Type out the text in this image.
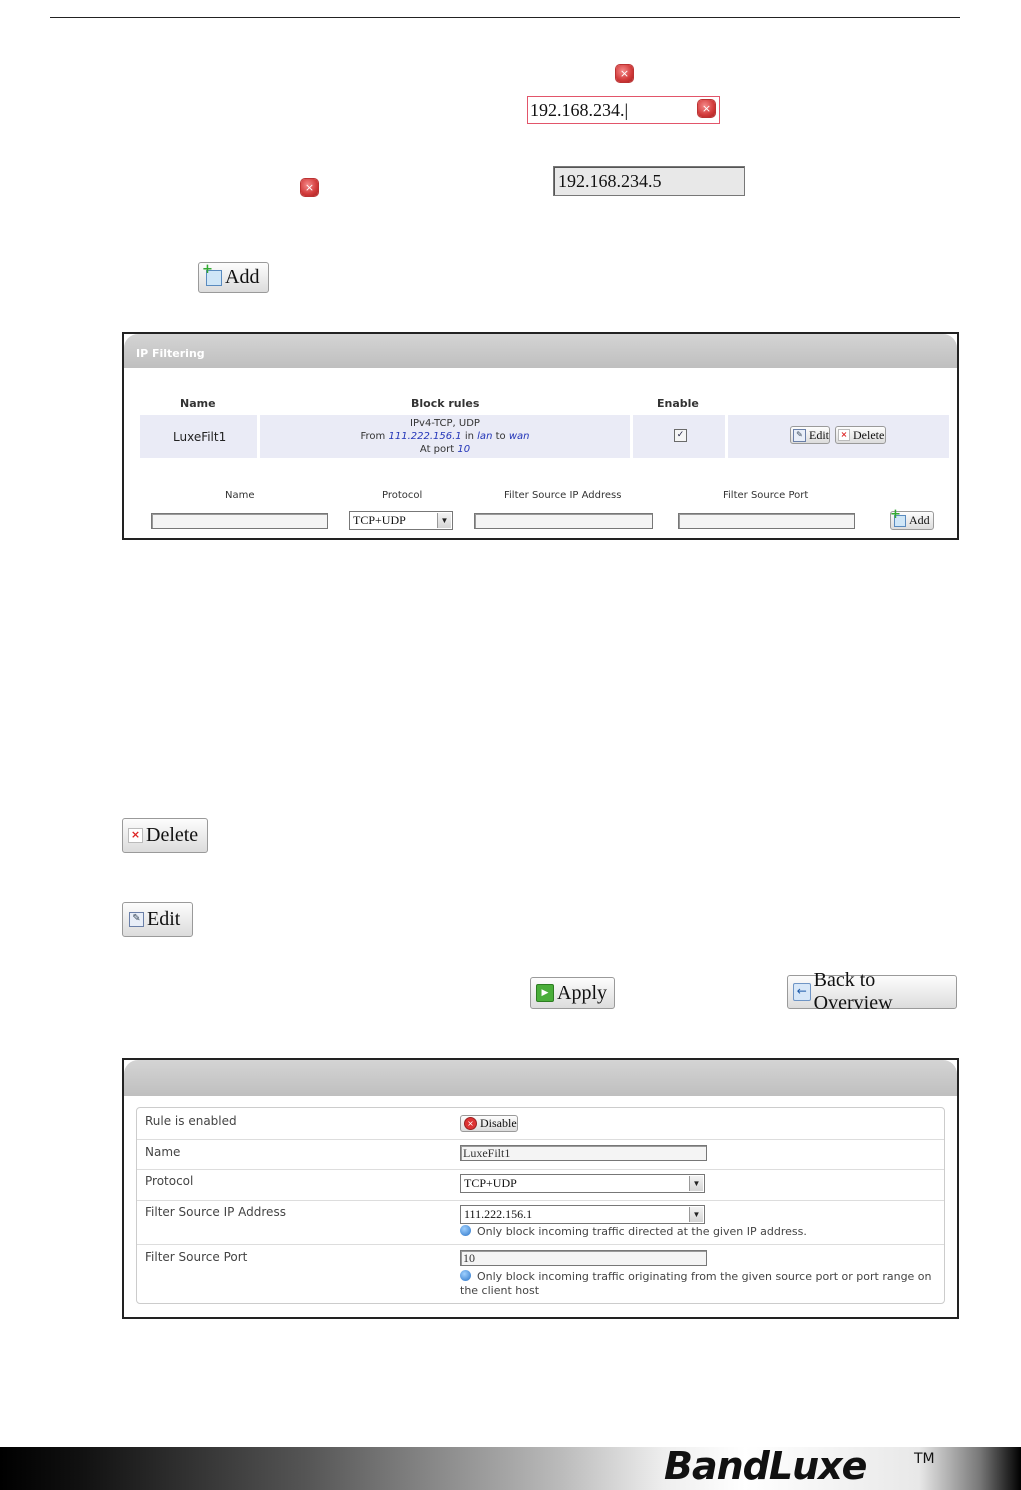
×
192.168.234. |	×
×	192.168.234.5
+
Add
IP Filtering
Name	Block rules	Enable
LuxeFilt1
IPv4-TCP, UDP
From 111.222.156.1 in lan to wan
At port 10
✓	✎ Edit	× Delete
Name	Protocol	Filter Source IP Address	Filter Source Port
TCP+UDP	▼
+	Add
× Delete
✎ Edit
▶ Apply	← Back to Overview
Rule is enabled	× Disable
Name	LuxeFilt1
Protocol	TCP+UDP	▼
Filter Source IP Address	111.222.156.1	▼
Only block incoming traffic directed at the given IP address.
Filter Source Port	10
Only block incoming traffic originating from the given source port or port range on
the client host
BandLuxe	TM
